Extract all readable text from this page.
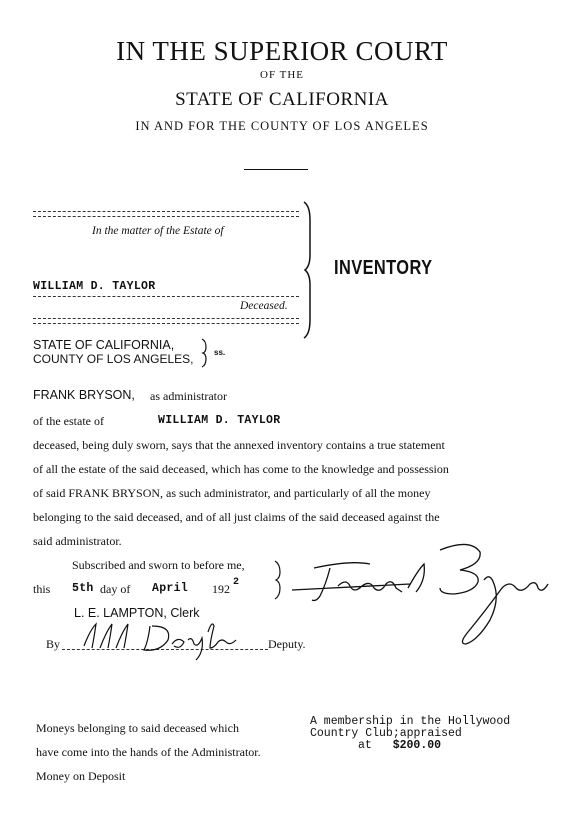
IN THE SUPERIOR COURT
OF THE
STATE OF CALIFORNIA
IN AND FOR THE COUNTY OF LOS ANGELES
In the matter of the Estate of
WILLIAM D. TAYLOR
Deceased.
INVENTORY
STATE OF CALIFORNIA,
COUNTY OF LOS ANGELES,	ss.
FRANK BRYSON, as administrator
of the estate of	WILLIAM D. TAYLOR
deceased, being duly sworn, says that the annexed inventory contains a true statement
of all the estate of the said deceased, which has come to the knowledge and possession
of said FRANK BRYSON, as such administrator, and particularly of all the money
belonging to the said deceased, and of all just claims of the said deceased against the
said administrator.
Subscribed and sworn to before me,
this 5th day of April 192 2
L. E. LAMPTON, Clerk
By	Deputy.
Moneys belonging to said deceased which
have come into the hands of the Administrator.
Money on Deposit
A membership in the Hollywood
Country Club;appraised
at $200.00
